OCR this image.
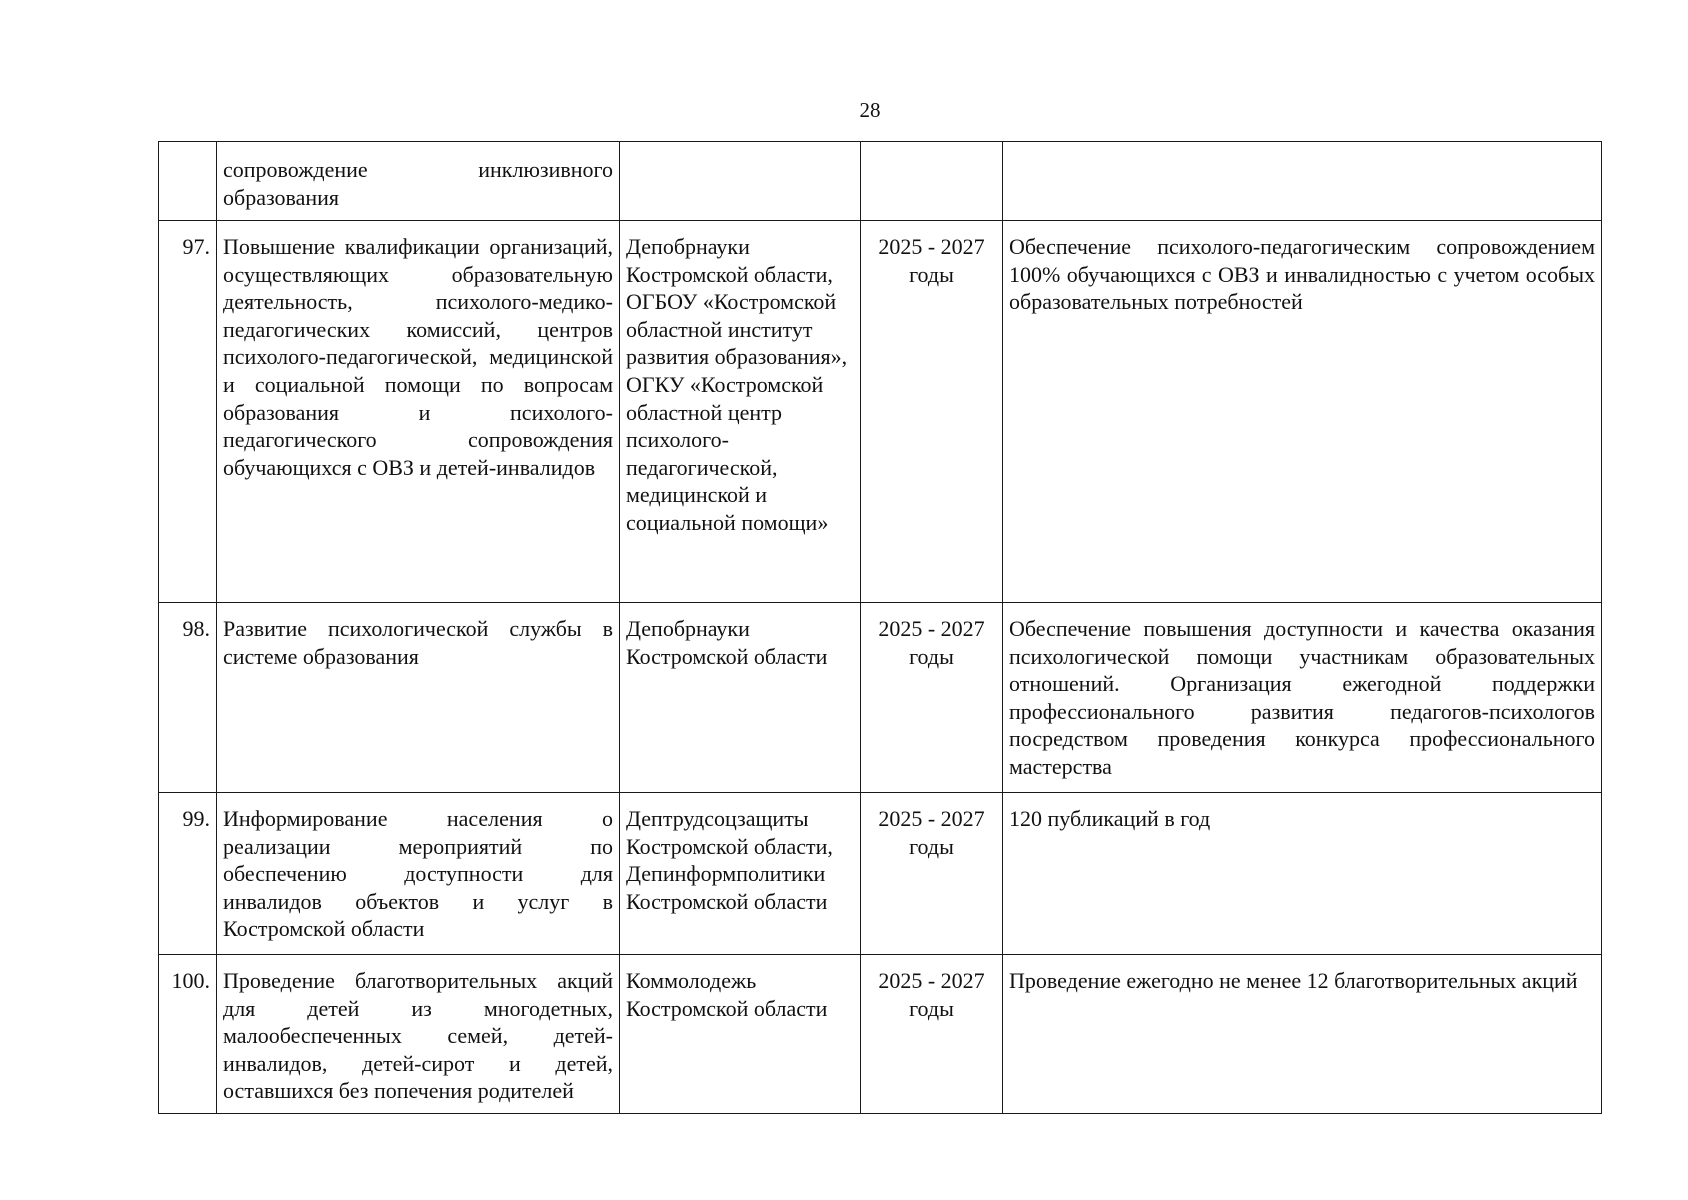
28
	сопровождение инклюзивного образования			
97.	Повышение квалификации организаций, осуществляющих образовательную деятельность, психолого-медико-педагогических комиссий, центров психолого-педагогической, медицинской и социальной помощи по вопросам образования и психолого-педагогического сопровождения обучающихся с ОВЗ и детей-инвалидов	Депобрнауки Костромской области, ОГБОУ «Костромской областной институт развития образования», ОГКУ «Костромской областной центр психолого-педагогической, медицинской и социальной помощи»	2025 - 2027 годы	Обеспечение психолого-педагогическим сопровождением 100% обучающихся с ОВЗ и инвалидностью с учетом особых образовательных потребностей
98.	Развитие психологической службы в системе образования	Депобрнауки Костромской области	2025 - 2027 годы	Обеспечение повышения доступности и качества оказания психологической помощи участникам образовательных отношений. Организация ежегодной поддержки профессионального развития педагогов-психологов посредством проведения конкурса профессионального мастерства
99.	Информирование населения о реализации мероприятий по обеспечению доступности для инвалидов объектов и услуг в Костромской области	Дептрудсоцзащиты Костромской области, Депинформполитики Костромской области	2025 - 2027 годы	120 публикаций в год
100.	Проведение благотворительных акций для детей из многодетных, малообеспеченных семей, детей-инвалидов, детей-сирот и детей, оставшихся без попечения родителей	Коммолодежь Костромской области	2025 - 2027 годы	Проведение ежегодно не менее 12 благотворительных акций
